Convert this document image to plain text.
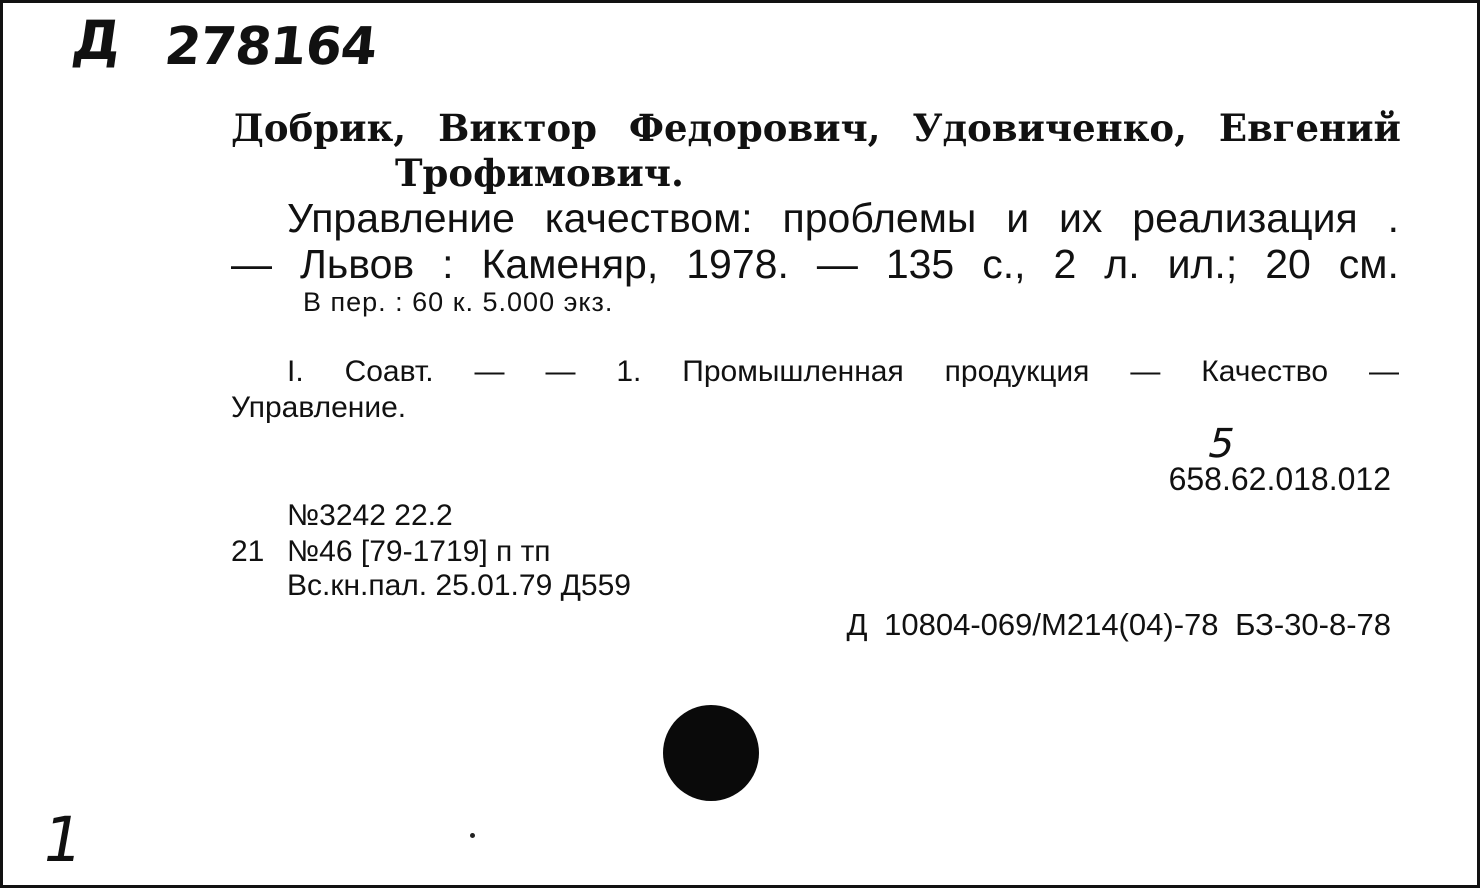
Д 278164
Добрик, Виктор Федорович, Удовиченко, Евгений
Трофимович.
Управление качеством: проблемы и их реализация .
— Львов : Каменяр, 1978. — 135 с., 2 л. ил.; 20 см.
В пер. : 60 к. 5.000 экз.
I. Соавт. — — 1. Промышленная продукция — Качество —
Управление.
5
658.62.018.012
№3242 22.2
21 №46 [79-1719] п тп
Вс.кн.пал. 25.01.79 Д559
Д 10804-069/М214(04)-78 БЗ-30-8-78
1
